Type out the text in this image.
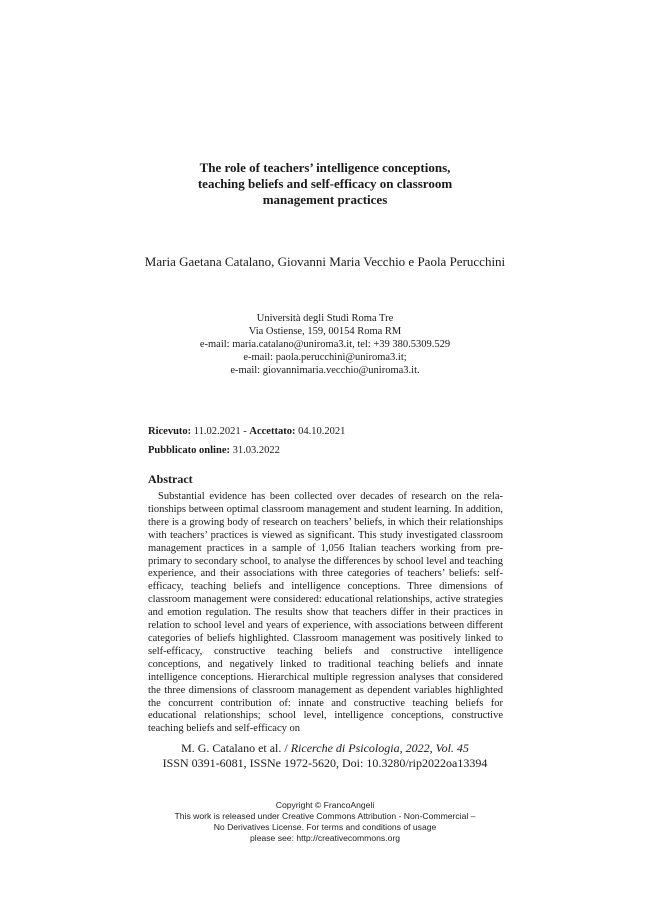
The role of teachers’ intelligence conceptions,
teaching beliefs and self-efficacy on classroom
management practices
Maria Gaetana Catalano, Giovanni Maria Vecchio e Paola Perucchini
Università degli Studi Roma Tre
Via Ostiense, 159, 00154 Roma RM
e-mail: maria.catalano@uniroma3.it, tel: +39 380.5309.529
e-mail: paola.perucchini@uniroma3.it;
e-mail: giovannimaria.vecchio@uniroma3.it.
Ricevuto: 11.02.2021 - Accettato: 04.10.2021
Pubblicato online: 31.03.2022
Abstract
Substantial evidence has been collected over decades of research on the relationships between optimal classroom management and student learning. In addition, there is a growing body of research on teachers’ beliefs, in which their relationships with teachers’ practices is viewed as significant. This study investigated classroom management practices in a sample of 1,056 Italian teachers working from pre-primary to secondary school, to analyse the differences by school level and teaching experience, and their associations with three categories of teachers’ beliefs: self-efficacy, teaching beliefs and intelligence conceptions. Three dimensions of classroom management were considered: educational relationships, active strategies and emotion regulation. The results show that teachers differ in their practices in relation to school level and years of experience, with associations between different categories of beliefs highlighted. Classroom management was positively linked to self-efficacy, constructive teaching beliefs and constructive intelligence conceptions, and negatively linked to traditional teaching beliefs and innate intelligence conceptions. Hierarchical multiple regression analyses that considered the three dimensions of classroom management as dependent variables highlighted the concurrent contribution of: innate and constructive teaching beliefs for educational relationships; school level, intelligence conceptions, constructive teaching beliefs and self-efficacy on
M. G. Catalano et al. / Ricerche di Psicologia, 2022, Vol. 45
ISSN 0391-6081, ISSNe 1972-5620, Doi: 10.3280/rip2022oa13394
Copyright © FrancoAngeli
This work is released under Creative Commons Attribution - Non-Commercial –
No Derivatives License. For terms and conditions of usage
please see: http://creativecommons.org
